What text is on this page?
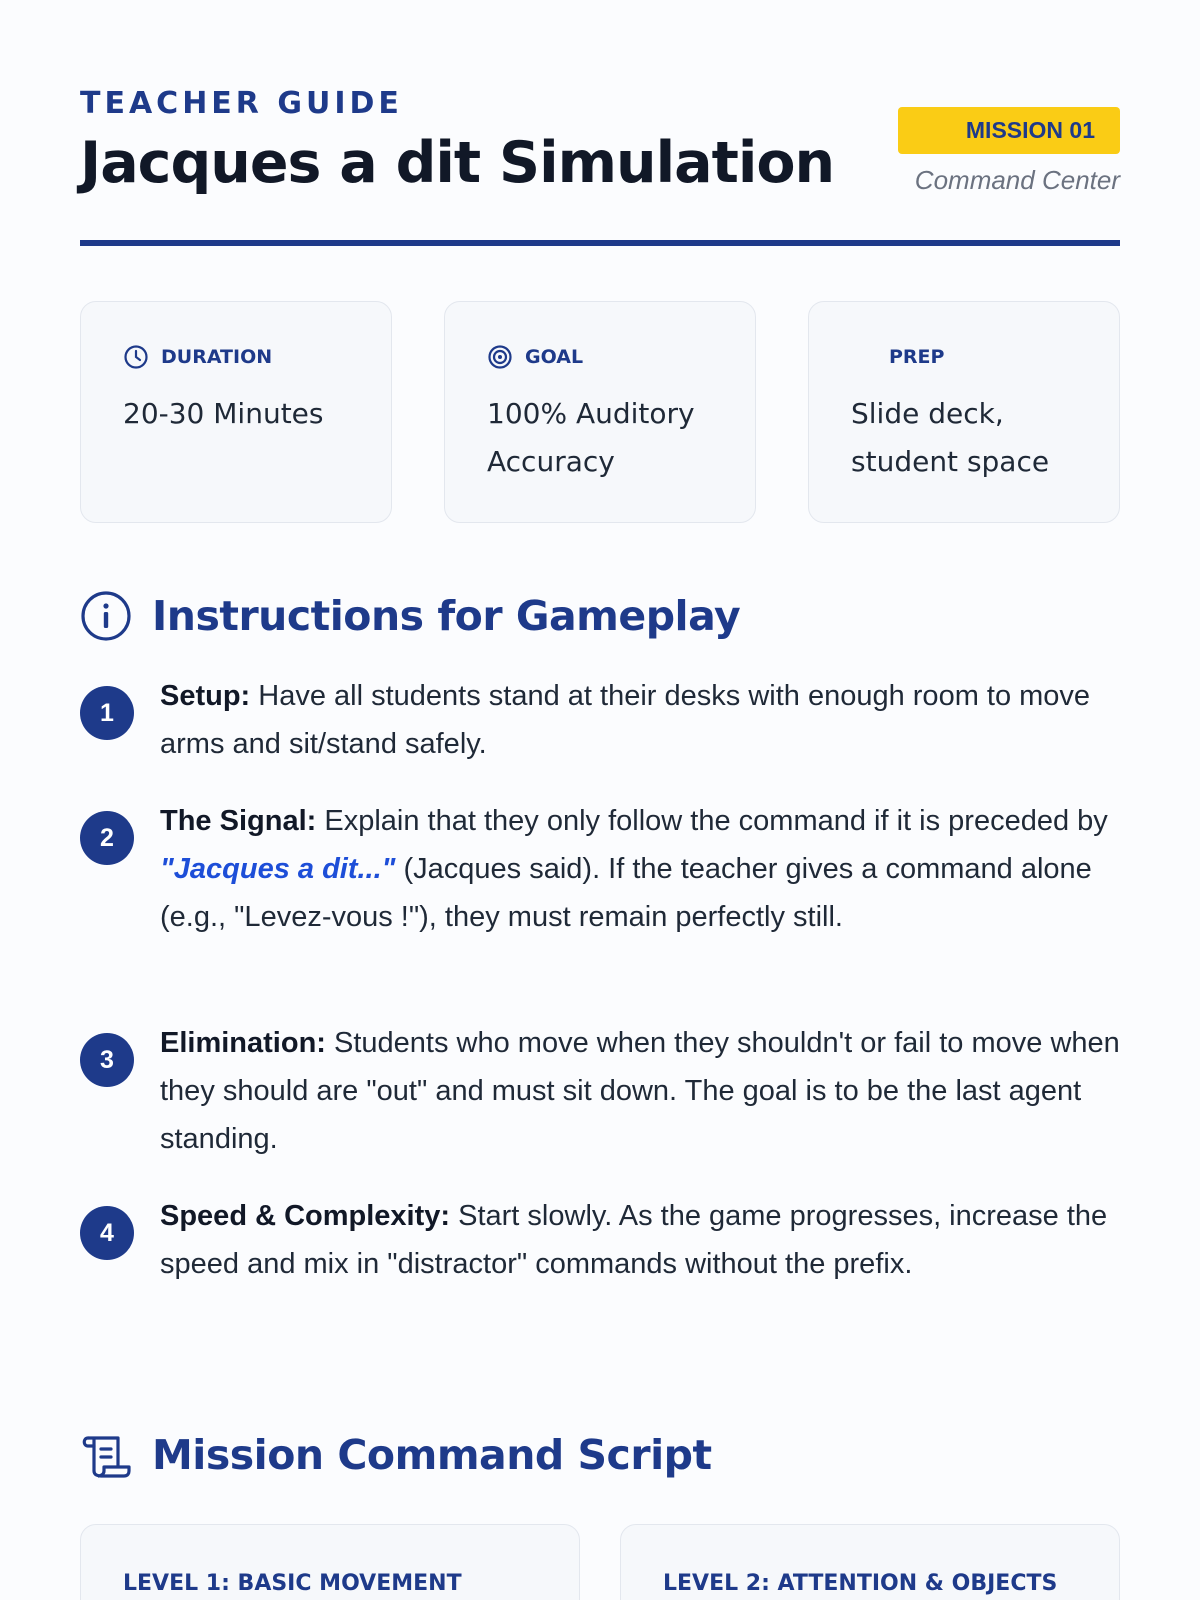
TEACHER GUIDE
Jacques a dit Simulation	MISSION 01
Command Center
DURATION
20-30 Minutes
GOAL
100% Auditory Accuracy
PREP
Slide deck, student space
Instructions for Gameplay
1
Setup: Have all students stand at their desks with enough room to move arms and sit/stand safely.
2
The Signal: Explain that they only follow the command if it is preceded by "Jacques a dit..." (Jacques said). If the teacher gives a command alone (e.g., "Levez-vous !"), they must remain perfectly still.
3
Elimination: Students who move when they shouldn't or fail to move when they should are "out" and must sit down. The goal is to be the last agent standing.
4
Speed & Complexity: Start slowly. As the game progresses, increase the speed and mix in "distractor" commands without the prefix.
Mission Command Script
LEVEL 1: BASIC MOVEMENT	LEVEL 2: ATTENTION & OBJECTS
